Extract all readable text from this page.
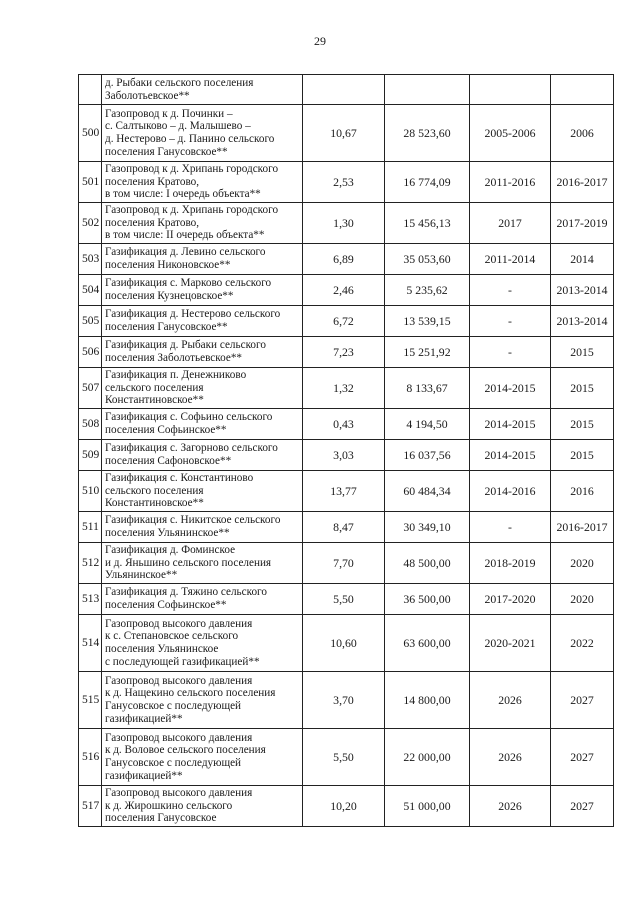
29

	д. Рыбаки сельского поселения
Заболотьевское**				

500	Газопровод к д. Починки –
с. Салтыково – д. Малышево –
д. Нестерово – д. Панино сельского
поселения Ганусовское**	10,67	28 523,60	2005-2006	2006
501	Газопровод к д. Хрипань городского
поселения Кратово,
в том числе: I очередь объекта**	2,53	16 774,09	2011-2016	2016-2017
502	Газопровод к д. Хрипань городского
поселения Кратово,
в том числе: II очередь объекта**	1,30	15 456,13	2017	2017-2019
503	Газификация д. Левино сельского
поселения Никоновское**	6,89	35 053,60	2011-2014	2014
504	Газификация с. Марково сельского
поселения Кузнецовское**	2,46	5 235,62	-	2013-2014
505	Газификация д. Нестерово сельского
поселения Ганусовское**	6,72	13 539,15	-	2013-2014
506	Газификация д. Рыбаки сельского
поселения Заболотьевское**	7,23	15 251,92	-	2015
507	Газификация п. Денежниково
сельского поселения
Константиновское**	1,32	8 133,67	2014-2015	2015
508	Газификация с. Софьино сельского
поселения Софьинское**	0,43	4 194,50	2014-2015	2015
509	Газификация с. Загорново сельского
поселения Сафоновское**	3,03	16 037,56	2014-2015	2015
510	Газификация с. Константиново
сельского поселения
Константиновское**	13,77	60 484,34	2014-2016	2016
511	Газификация с. Никитское сельского
поселения Ульянинское**	8,47	30 349,10	-	2016-2017
512	Газификация д. Фоминское
и д. Яньшино сельского поселения
Ульянинское**	7,70	48 500,00	2018-2019	2020
513	Газификация д. Тяжино сельского
поселения Софьинское**	5,50	36 500,00	2017-2020	2020
514	Газопровод высокого давления
к с. Степановское сельского
поселения Ульянинское
с последующей газификацией**	10,60	63 600,00	2020-2021	2022
515	Газопровод высокого давления
к д. Нащекино сельского поселения
Ганусовское с последующей
газификацией**	3,70	14 800,00	2026	2027
516	Газопровод высокого давления
к д. Воловое сельского поселения
Ганусовское с последующей
газификацией**	5,50	22 000,00	2026	2027
517	Газопровод высокого давления
к д. Жирошкино сельского
поселения Ганусовское	10,20	51 000,00	2026	2027
